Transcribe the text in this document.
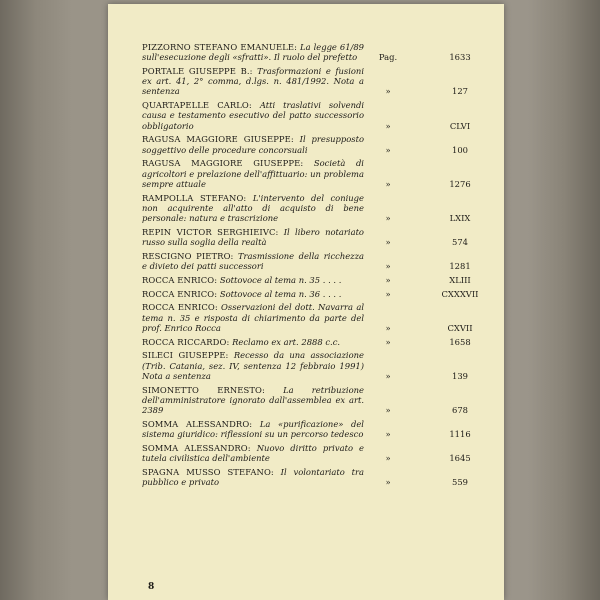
PIZZORNO STEFANO EMANUELE: La legge 61/89 sull'esecuzione degli «sfratti». Il ruolo del prefetto	Pag.	1633
PORTALE GIUSEPPE B.: Trasformazioni e fusioni ex art. 41, 2° comma, d.lgs. n. 481/1992. Nota a sentenza	»	127
QUARTAPELLE CARLO: Atti traslativi solvendi causa e testamento esecutivo del patto successorio obbligatorio	»	CLVI
RAGUSA MAGGIORE GIUSEPPE: Il presupposto soggettivo delle procedure concorsuali	»	100
RAGUSA MAGGIORE GIUSEPPE: Società di agricoltori e prelazione dell'affittuario: un problema sempre attuale	»	1276
RAMPOLLA STEFANO: L'intervento del coniuge non acquirente all'atto di acquisto di bene personale: natura e trascrizione	»	LXIX
REPIN VICTOR SERGHIEIVC: Il libero notariato russo sulla soglia della realtà	»	574
RESCIGNO PIETRO: Trasmissione della ricchezza e divieto dei patti successori	»	1281
ROCCA ENRICO: Sottovoce al tema n. 35 . . . .	»	XLIII
ROCCA ENRICO: Sottovoce al tema n. 36 . . . .	»	CXXXVII
ROCCA ENRICO: Osservazioni del dott. Navarra al tema n. 35 e risposta di chiarimento da parte del prof. Enrico Rocca	»	CXVII
ROCCA RICCARDO: Reclamo ex art. 2888 c.c.	»	1658
SILECI GIUSEPPE: Recesso da una associazione (Trib. Catania, sez. IV, sentenza 12 febbraio 1991) Nota a sentenza	»	139
SIMONETTO ERNESTO: La retribuzione dell'amministratore ignorato dall'assemblea ex art. 2389	»	678
SOMMA ALESSANDRO: La «purificazione» del sistema giuridico: riflessioni su un percorso tedesco	»	1116
SOMMA ALESSANDRO: Nuovo diritto privato e tutela civilistica dell'ambiente	»	1645
SPAGNA MUSSO STEFANO: Il volontariato tra pubblico e privato	»	559
8
